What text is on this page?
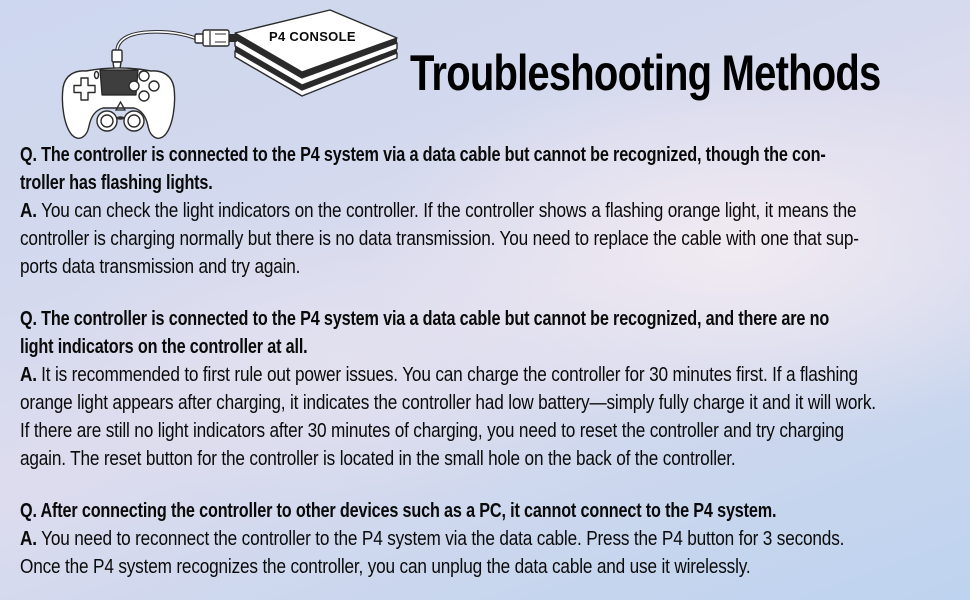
P4 CONSOLE
Troubleshooting Methods

Q. The controller is connected to the P4 system via a data cable but cannot be recognized, though the con-
troller has flashing lights.

A. You can check the light indicators on the controller. If the controller shows a flashing orange light, it means the
controller is charging normally but there is no data transmission. You need to replace the cable with one that sup-
ports data transmission and try again.

Q. The controller is connected to the P4 system via a data cable but cannot be recognized, and there are no
light indicators on the controller at all.

A. It is recommended to first rule out power issues. You can charge the controller for 30 minutes first. If a flashing
orange light appears after charging, it indicates the controller had low battery—simply fully charge it and it will work.
If there are still no light indicators after 30 minutes of charging, you need to reset the controller and try charging
again. The reset button for the controller is located in the small hole on the back of the controller.

Q. After connecting the controller to other devices such as a PC, it cannot connect to the P4 system.

A. You need to reconnect the controller to the P4 system via the data cable. Press the P4 button for 3 seconds.
Once the P4 system recognizes the controller, you can unplug the data cable and use it wirelessly.
